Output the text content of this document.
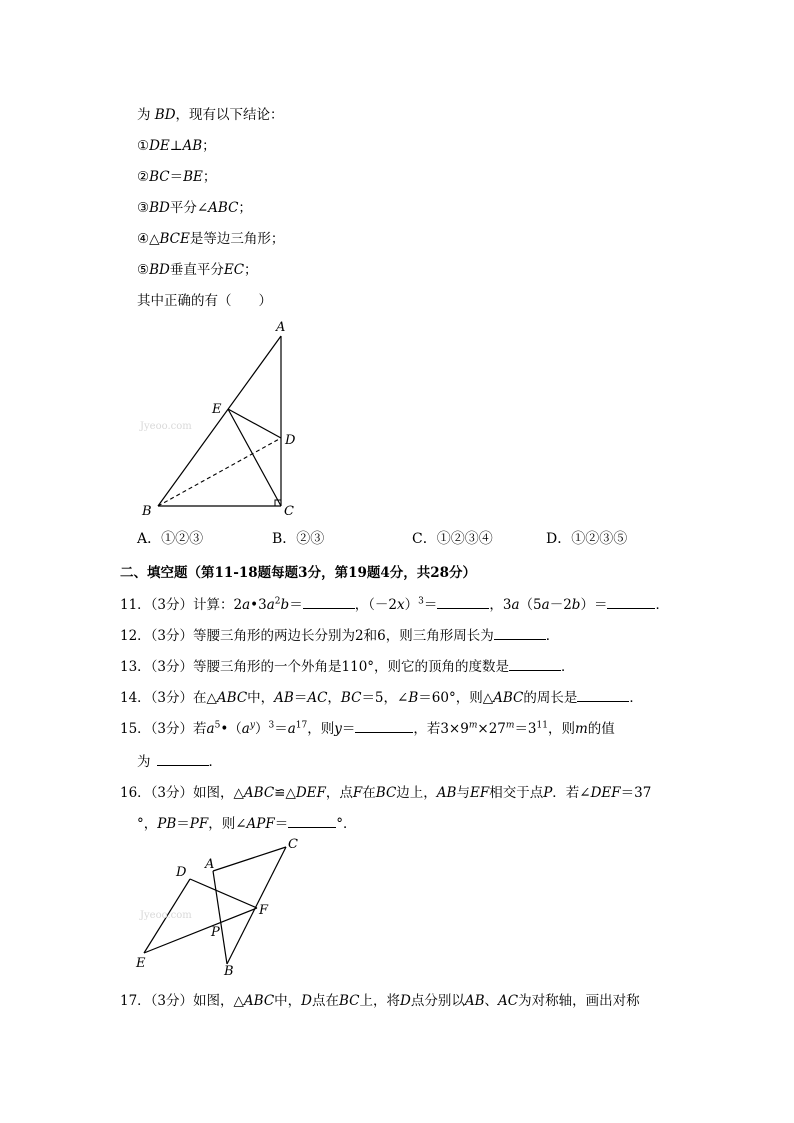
为 BD，现有以下结论：
①DE⊥AB；
②BC＝BE；
③BD平分∠ABC；
④△BCE是等边三角形；
⑤BD垂直平分EC；
其中正确的有（　　）
A
E
D
B	C
Jyeoo.com
A．①②③	B．②③	C．①②③④	D．①②③⑤
二、填空题（第11-18题每题3分，第19题4分，共28分）
11．（3分）计算：$2a•3a^2b=$	，$(-2x)^3=$	，3a（5a－2b）＝	．
12．（3分）等腰三角形的两边长分别为2和6，则三角形周长为	．
13．（3分）等腰三角形的一个外角是110°，则它的顶角的度数是	．
14．（3分）在△ABC中，AB＝AC，BC＝5，∠B＝60°，则△ABC的周长是	．
15．（3分）若$a^5•(a^y)^3=a^{17}$，则y＝	，若$3\times 9^m\times 27^m=3^{11}$，则m的值
为	．
16．（3分）如图，△ABC≌△DEF，点F在BC边上，AB与EF相交于点P．若∠DEF＝37
°，PB＝PF，则∠APF＝	°．
D
A
C
F
P
E
B
Jyeoo.com
17．（3分）如图，△ABC中，D点在BC上，将D点分别以AB、AC为对称轴，画出对称
